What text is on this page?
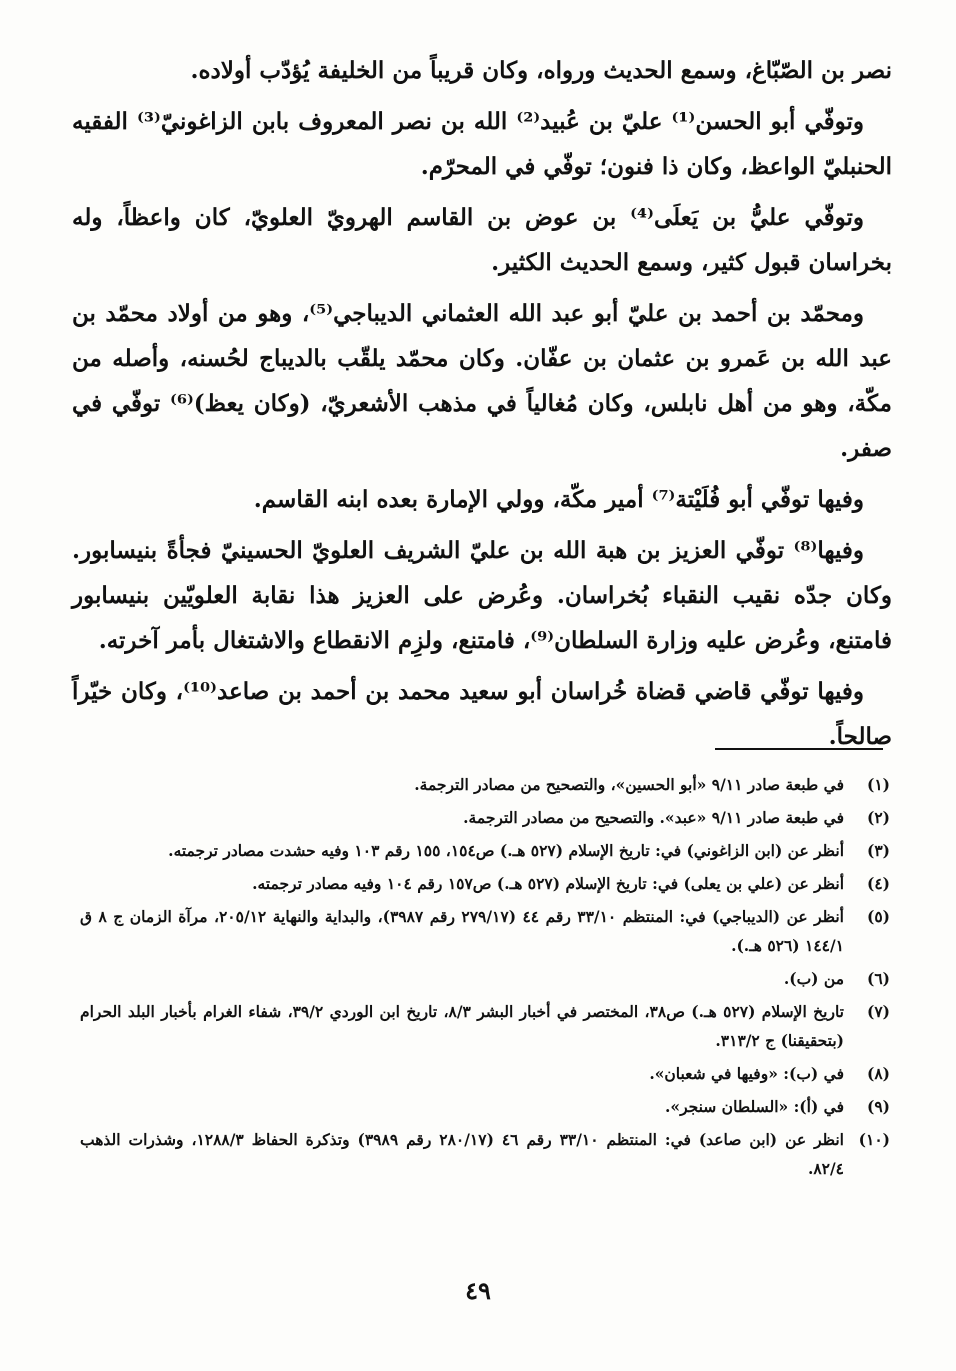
نصر بن الصّبّاغ، وسمع الحديث ورواه، وكان قريباً من الخليفة يُؤدّب أولاده.

وتوفّي أبو الحسن⁽¹⁾ عليّ بن عُبيد⁽²⁾ الله بن نصر المعروف بابن الزاغونيّ⁽³⁾ الفقيه الحنبليّ الواعظ، وكان ذا فنون؛ توفّي في المحرّم.

وتوفّي عليُّ بن يَعلَى⁽⁴⁾ بن عوض بن القاسم الهرويّ العلويّ، كان واعظاً، وله بخراسان قبول كثير، وسمع الحديث الكثير.

ومحمّد بن أحمد بن عليّ أبو عبد الله العثماني الديباجي⁽⁵⁾، وهو من أولاد محمّد بن عبد الله بن عَمرو بن عثمان بن عفّان. وكان محمّد يلقّب بالديباج لحُسنه، وأصله من مكّة، وهو من أهل نابلس، وكان مُغالياً في مذهب الأشعريّ، (وكان يعظ)⁽⁶⁾ توفّي في صفر.

وفيها توفّي أبو فُلَيْتة⁽⁷⁾ أمير مكّة، وولي الإمارة بعده ابنه القاسم.

وفيها⁽⁸⁾ توفّي العزيز بن هبة الله بن عليّ الشريف العلويّ الحسينيّ فجأةً بنيسابور. وكان جدّه نقيب النقباء بُخراسان. وعُرض على العزيز هذا نقابة العلويّين بنيسابور فامتنع، وعُرض عليه وزارة السلطان⁽⁹⁾، فامتنع، ولزِم الانقطاع والاشتغال بأمر آخرته.

وفيها توفّي قاضي قضاة خُراسان أبو سعيد محمد بن أحمد بن صاعد⁽¹⁰⁾، وكان خيّراً صالحاً.

(١)
في طبعة صادر ٩/١١ «أبو الحسين»، والتصحيح من مصادر الترجمة.
(٢)
في طبعة صادر ٩/١١ «عبد». والتصحيح من مصادر الترجمة.
(٣)
أنظر عن (ابن الزاغوني) في: تاريخ الإسلام (٥٢٧ هـ.) ص١٥٤، ١٥٥ رقم ١٠٣ وفيه حشدت مصادر ترجمته.
(٤)
أنظر عن (علي بن يعلى) في: تاريخ الإسلام (٥٢٧ هـ.) ص١٥٧ رقم ١٠٤ وفيه مصادر ترجمته.
(٥)
أنظر عن (الديباجي) في: المنتظم ٣٣/١٠ رقم ٤٤ (٢٧٩/١٧ رقم ٣٩٨٧)، والبداية والنهاية ٢٠٥/١٢، مرآة الزمان ج ٨ ق ١٤٤/١ (٥٢٦ هـ.).
(٦)
من (ب).
(٧)
تاريخ الإسلام (٥٢٧ هـ.) ص٣٨، المختصر في أخبار البشر ٨/٣، تاريخ ابن الوردي ٣٩/٢، شفاء الغرام بأخبار البلد الحرام (بتحقيقنا) ج ٣١٣/٢.
(٨)
في (ب): «وفيها في شعبان».
(٩)
في (أ): «السلطان سنجر».
(١٠)
انظر عن (ابن صاعد) في: المنتظم ٣٣/١٠ رقم ٤٦ (٢٨٠/١٧ رقم ٣٩٨٩) وتذكرة الحفاظ ١٢٨٨/٣، وشذرات الذهب ٨٢/٤.
٤٩
